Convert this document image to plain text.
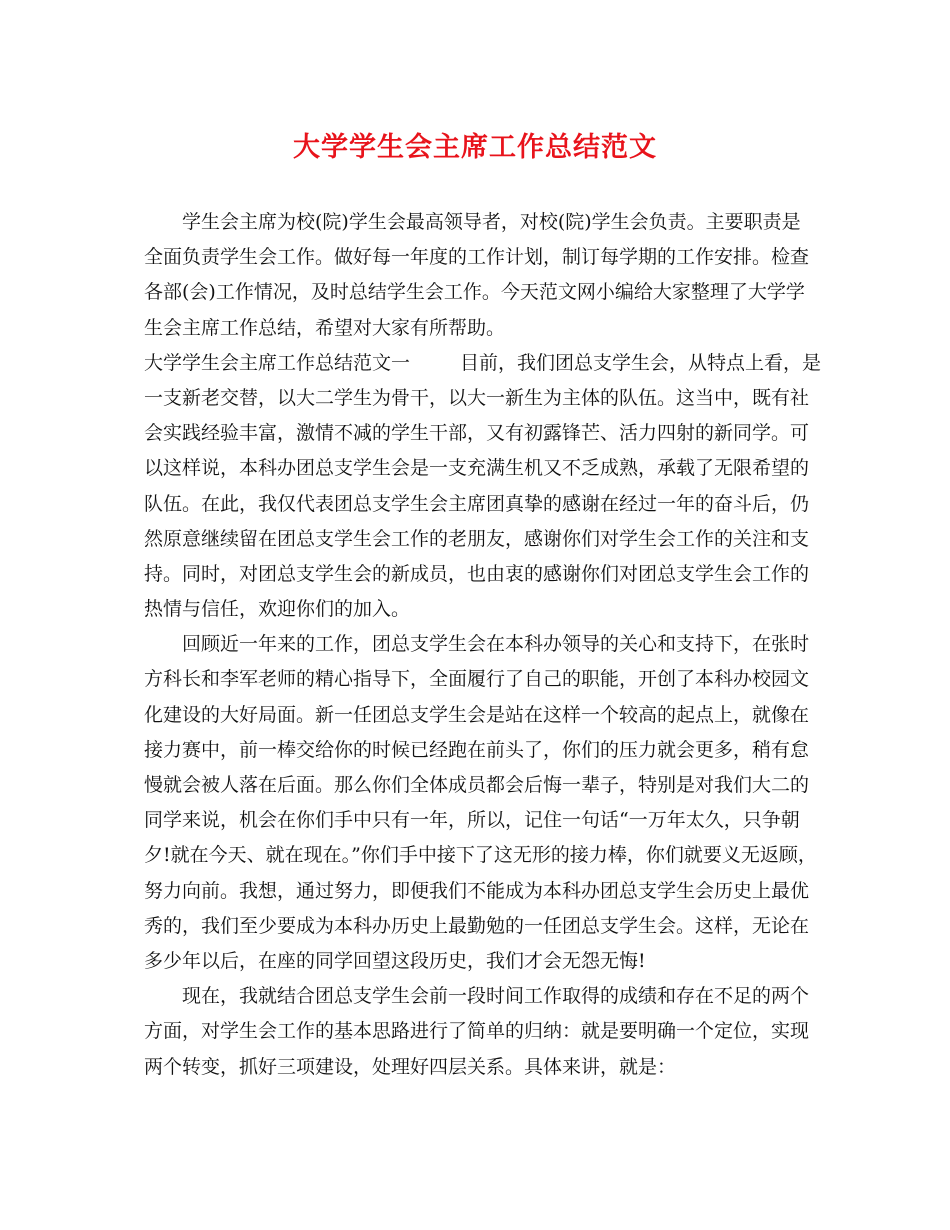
大学学生会主席工作总结范文
学生会主席为校(院)学生会最高领导者，对校(院)学生会负责。主要职责是
全面负责学生会工作。做好每一年度的工作计划，制订每学期的工作安排。检查
各部(会)工作情况，及时总结学生会工作。今天范文网小编给大家整理了大学学
生会主席工作总结，希望对大家有所帮助。
大学学生会主席工作总结范文一	目前，我们团总支学生会，从特点上看，是
一支新老交替，以大二学生为骨干，以大一新生为主体的队伍。这当中，既有社
会实践经验丰富，激情不减的学生干部，又有初露锋芒、活力四射的新同学。可
以这样说，本科办团总支学生会是一支充满生机又不乏成熟，承载了无限希望的
队伍。在此，我仅代表团总支学生会主席团真挚的感谢在经过一年的奋斗后，仍
然原意继续留在团总支学生会工作的老朋友，感谢你们对学生会工作的关注和支
持。同时，对团总支学生会的新成员，也由衷的感谢你们对团总支学生会工作的
热情与信任，欢迎你们的加入。
回顾近一年来的工作，团总支学生会在本科办领导的关心和支持下，在张时
方科长和李军老师的精心指导下，全面履行了自己的职能，开创了本科办校园文
化建设的大好局面。新一任团总支学生会是站在这样一个较高的起点上，就像在
接力赛中，前一棒交给你的时候已经跑在前头了，你们的压力就会更多，稍有怠
慢就会被人落在后面。那么你们全体成员都会后悔一辈子，特别是对我们大二的
同学来说，机会在你们手中只有一年，所以，记住一句话“一万年太久，只争朝
夕!就在今天、就在现在。”你们手中接下了这无形的接力棒，你们就要义无返顾，
努力向前。我想，通过努力，即便我们不能成为本科办团总支学生会历史上最优
秀的，我们至少要成为本科办历史上最勤勉的一任团总支学生会。这样，无论在
多少年以后，在座的同学回望这段历史，我们才会无怨无悔!
现在，我就结合团总支学生会前一段时间工作取得的成绩和存在不足的两个
方面，对学生会工作的基本思路进行了简单的归纳：就是要明确一个定位，实现
两个转变，抓好三项建设，处理好四层关系。具体来讲，就是：
